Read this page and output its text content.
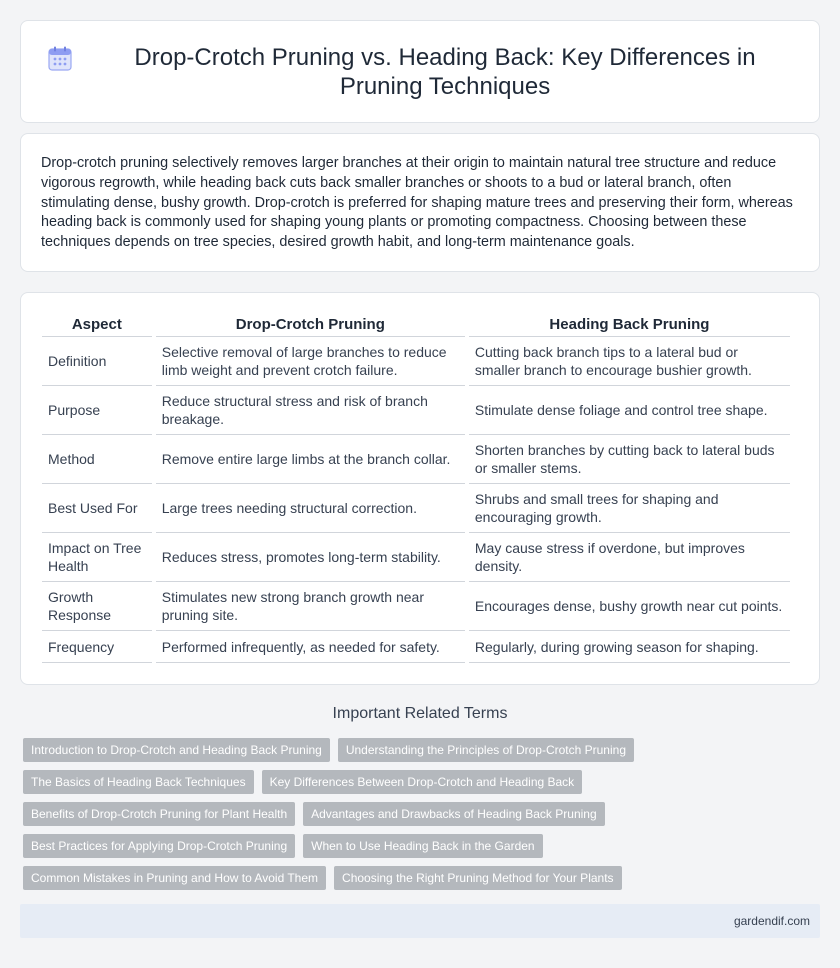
Drop-Crotch Pruning vs. Heading Back: Key Differences in Pruning Techniques

Drop-crotch pruning selectively removes larger branches at their origin to maintain natural tree structure and reduce vigorous regrowth, while heading back cuts back smaller branches or shoots to a bud or lateral branch, often stimulating dense, bushy growth. Drop-crotch is preferred for shaping mature trees and preserving their form, whereas heading back is commonly used for shaping young plants or promoting compactness. Choosing between these techniques depends on tree species, desired growth habit, and long-term maintenance goals.

Aspect	Drop-Crotch Pruning	Heading Back Pruning
Definition	Selective removal of large branches to reduce limb weight and prevent crotch failure.	Cutting back branch tips to a lateral bud or smaller branch to encourage bushier growth.
Purpose	Reduce structural stress and risk of branch breakage.	Stimulate dense foliage and control tree shape.
Method	Remove entire large limbs at the branch collar.	Shorten branches by cutting back to lateral buds or smaller stems.
Best Used For	Large trees needing structural correction.	Shrubs and small trees for shaping and encouraging growth.
Impact on Tree Health	Reduces stress, promotes long-term stability.	May cause stress if overdone, but improves density.
Growth Response	Stimulates new strong branch growth near pruning site.	Encourages dense, bushy growth near cut points.
Frequency	Performed infrequently, as needed for safety.	Regularly, during growing season for shaping.
Important Related Terms
Introduction to Drop-Crotch and Heading Back Pruning	Understanding the Principles of Drop-Crotch Pruning
The Basics of Heading Back Techniques	Key Differences Between Drop-Crotch and Heading Back
Benefits of Drop-Crotch Pruning for Plant Health	Advantages and Drawbacks of Heading Back Pruning
Best Practices for Applying Drop-Crotch Pruning	When to Use Heading Back in the Garden
Common Mistakes in Pruning and How to Avoid Them	Choosing the Right Pruning Method for Your Plants
gardendif.com
